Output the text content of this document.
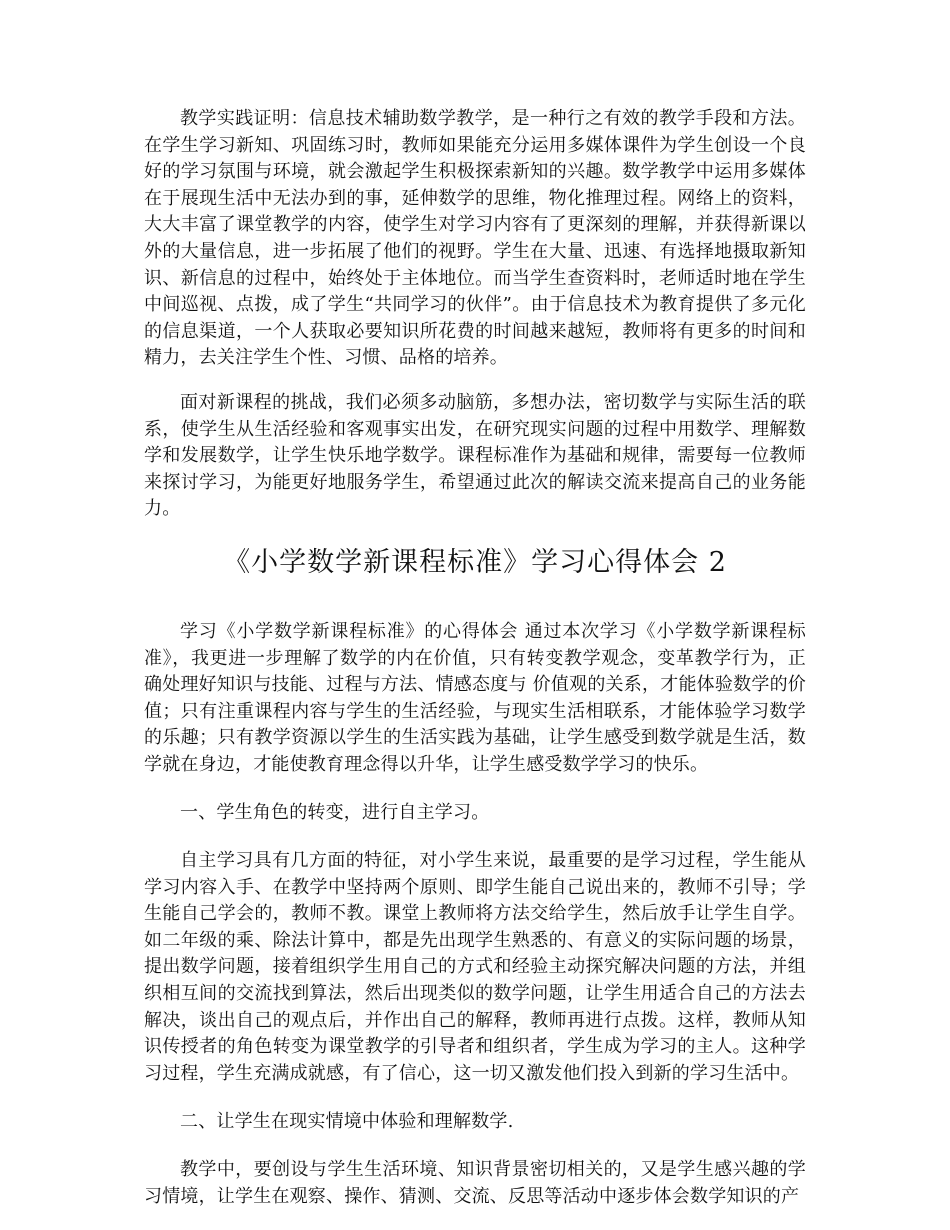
教学实践证明：信息技术辅助数学教学，是一种行之有效的教学手段和方法。在学生学习新知、巩固练习时，教师如果能充分运用多媒体课件为学生创设一个良好的学习氛围与环境，就会激起学生积极探索新知的兴趣。数学教学中运用多媒体在于展现生活中无法办到的事，延伸数学的思维，物化推理过程。网络上的资料，大大丰富了课堂教学的内容，使学生对学习内容有了更深刻的理解，并获得新课以外的大量信息，进一步拓展了他们的视野。学生在大量、迅速、有选择地摄取新知识、新信息的过程中，始终处于主体地位。而当学生查资料时，老师适时地在学生中间巡视、点拨，成了学生“共同学习的伙伴”。由于信息技术为教育提供了多元化的信息渠道，一个人获取必要知识所花费的时间越来越短，教师将有更多的时间和精力，去关注学生个性、习惯、品格的培养。

面对新课程的挑战，我们必须多动脑筋，多想办法，密切数学与实际生活的联系，使学生从生活经验和客观事实出发，在研究现实问题的过程中用数学、理解数学和发展数学，让学生快乐地学数学。课程标准作为基础和规律，需要每一位教师来探讨学习，为能更好地服务学生，希望通过此次的解读交流来提高自己的业务能力。

《小学数学新课程标准》学习心得体会 2

学习《小学数学新课程标准》的心得体会 通过本次学习《小学数学新课程标准》，我更进一步理解了数学的内在价值，只有转变教学观念，变革教学行为，正确处理好知识与技能、过程与方法、情感态度与 价值观的关系，才能体验数学的价值；只有注重课程内容与学生的生活经验，与现实生活相联系，才能体验学习数学的乐趣；只有教学资源以学生的生活实践为基础，让学生感受到数学就是生活，数学就在身边，才能使教育理念得以升华，让学生感受数学学习的快乐。

一、学生角色的转变，进行自主学习。

自主学习具有几方面的特征，对小学生来说，最重要的是学习过程，学生能从学习内容入手、在教学中坚持两个原则、即学生能自己说出来的，教师不引导；学生能自己学会的，教师不教。课堂上教师将方法交给学生，然后放手让学生自学。如二年级的乘、除法计算中，都是先出现学生熟悉的、有意义的实际问题的场景，提出数学问题，接着组织学生用自己的方式和经验主动探究解决问题的方法，并组织相互间的交流找到算法，然后出现类似的数学问题，让学生用适合自己的方法去解决，谈出自己的观点后，并作出自己的解释，教师再进行点拨。这样，教师从知识传授者的角色转变为课堂教学的引导者和组织者，学生成为学习的主人。这种学习过程，学生充满成就感，有了信心，这一切又激发他们投入到新的学习生活中。

二、让学生在现实情境中体验和理解数学.

教学中，要创设与学生生活环境、知识背景密切相关的，又是学生感兴趣的学习情境，让学生在观察、操作、猜测、交流、反思等活动中逐步体会数学知识的产
